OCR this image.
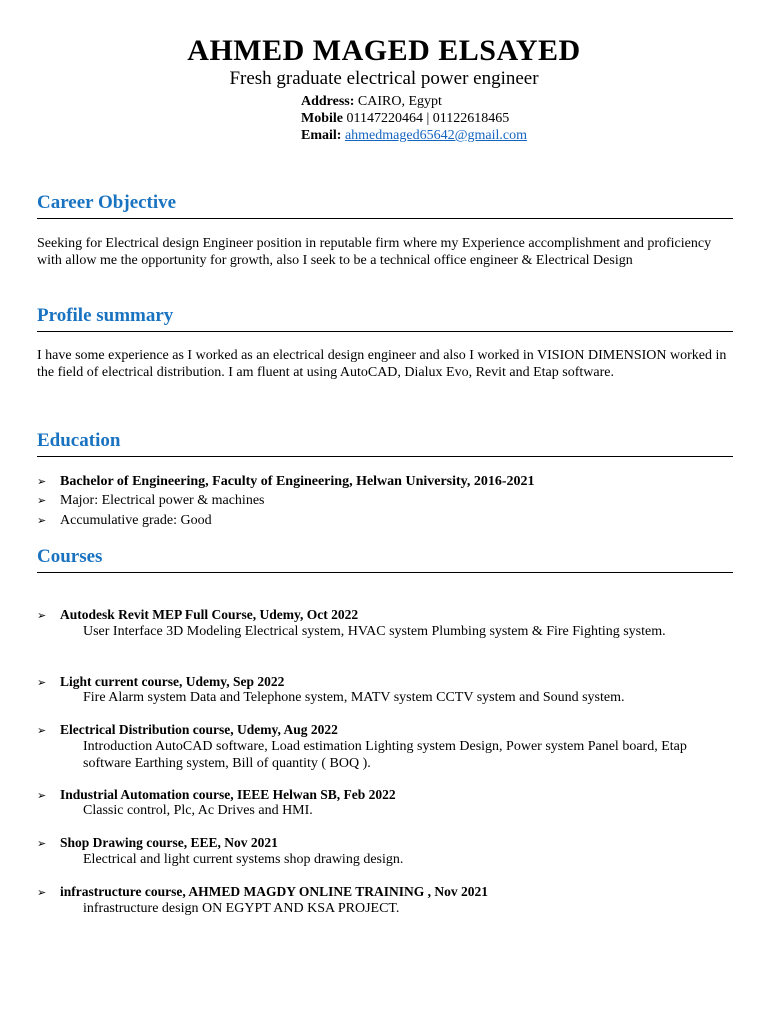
AHMED MAGED ELSAYED
Fresh graduate electrical power engineer
Address: CAIRO, Egypt
Mobile 01147220464 | 01122618465
Email: ahmedmaged65642@gmail.com
Career Objective
Seeking for Electrical design Engineer position in reputable firm where my Experience accomplishment and proficiency with allow me the opportunity for growth, also I seek to be a technical office engineer & Electrical Design
Profile summary
I have some experience as I worked as an electrical design engineer and also I worked in VISION DIMENSION worked in the field of electrical distribution. I am fluent at using AutoCAD, Dialux Evo, Revit and Etap software.
Education
➢ Bachelor of Engineering, Faculty of Engineering, Helwan University, 2016-2021
➢ Major: Electrical power & machines
➢ Accumulative grade: Good
Courses
➢ Autodesk Revit MEP Full Course, Udemy, Oct 2022
User Interface 3D Modeling Electrical system, HVAC system Plumbing system & Fire Fighting system.
➢ Light current course, Udemy, Sep 2022
Fire Alarm system Data and Telephone system, MATV system CCTV system and Sound system.
➢ Electrical Distribution course, Udemy, Aug 2022
Introduction AutoCAD software, Load estimation Lighting system Design, Power system Panel board, Etap software Earthing system, Bill of quantity ( BOQ ).
➢ Industrial Automation course, IEEE Helwan SB, Feb 2022
Classic control, Plc, Ac Drives and HMI.
➢ Shop Drawing course, EEE, Nov 2021
Electrical and light current systems shop drawing design.
➢ infrastructure course, AHMED MAGDY ONLINE TRAINING , Nov 2021
infrastructure design ON EGYPT AND KSA PROJECT.
